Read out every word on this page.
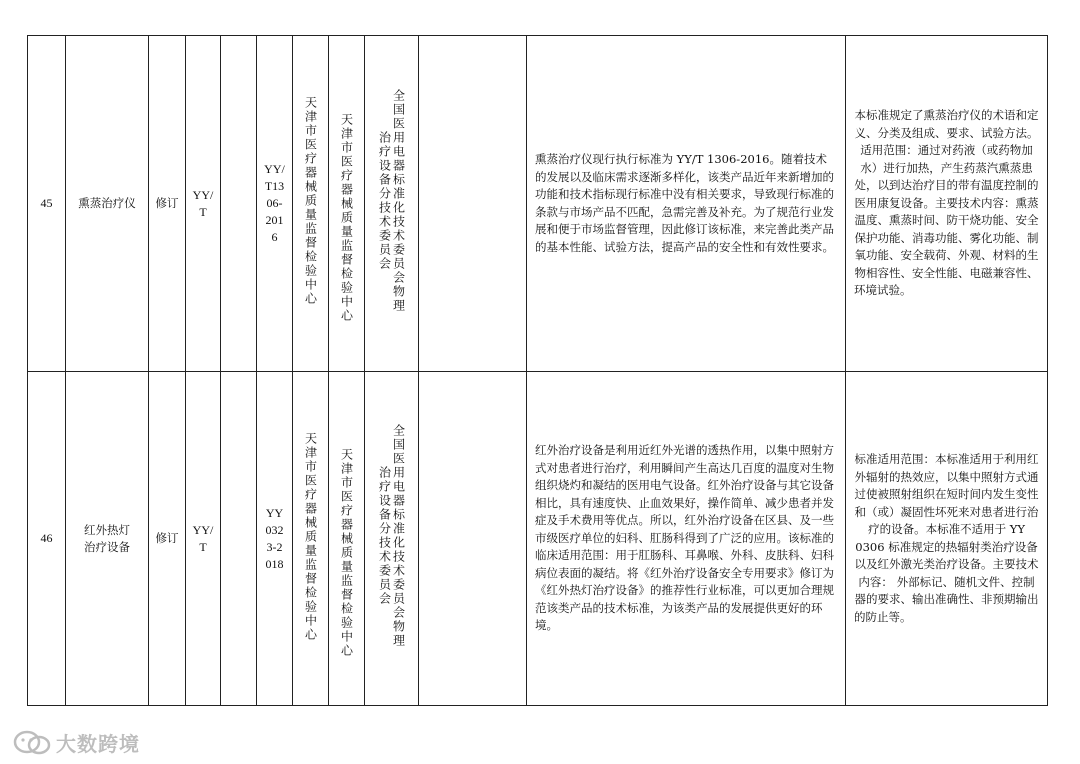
45	熏蒸治疗仪	修订	YY/T		YY/T1306-2016	天津市医疗器械质量监督检验中心	天津市医疗器械质量监督检验中心	全国医用电器标准化技术委员会物理治疗设备分技术委员会		熏蒸治疗仪现行执行标准为 YY/T 1306-2016。随着技术的发展以及临床需求逐渐多样化，该类产品近年来新增加的功能和技术指标现行标准中没有相关要求，导致现行标准的条款与市场产品不匹配，急需完善及补充。为了规范行业发展和便于市场监督管理，因此修订该标准，来完善此类产品的基本性能、试验方法，提高产品的安全性和有效性要求。	本标准规定了熏蒸治疗仪的术语和定义、分类及组成、要求、试验方法。适用范围：通过对药液（或药物加水）进行加热，产生药蒸汽熏蒸患处，以到达治疗目的带有温度控制的医用康复设备。主要技术内容：熏蒸温度、熏蒸时间、防干烧功能、安全保护功能、消毒功能、雾化功能、制氧功能、安全载荷、外观、材料的生物相容性、安全性能、电磁兼容性、环境试验。

46	红外热灯治疗设备	修订	YY/T		YY0323-2018	天津市医疗器械质量监督检验中心	天津市医疗器械质量监督检验中心	全国医用电器标准化技术委员会物理治疗设备分技术委员会		红外治疗设备是利用近红外光谱的透热作用，以集中照射方式对患者进行治疗，利用瞬间产生高达几百度的温度对生物组织烧灼和凝结的医用电气设备。红外治疗设备与其它设备相比，具有速度快、止血效果好，操作简单、减少患者并发症及手术费用等优点。所以，红外治疗设备在区县、及一些市级医疗单位的妇科、肛肠科得到了广泛的应用。该标准的临床适用范围：用于肛肠科、耳鼻喉、外科、皮肤科、妇科病位表面的凝结。将《红外治疗设备安全专用要求》修订为《红外热灯治疗设备》的推荐性行业标准，可以更加合理规范该类产品的技术标准，为该类产品的发展提供更好的环境。	标准适用范围：本标准适用于利用红外辐射的热效应，以集中照射方式通过使被照射组织在短时间内发生变性和（或）凝固性坏死来对患者进行治疗的设备。本标准不适用于 YY 0306 标准规定的热辐射类治疗设备以及红外激光类治疗设备。主要技术内容： 外部标记、随机文件、控制器的要求、输出准确性、非预期输出的防止等。
大数跨境
